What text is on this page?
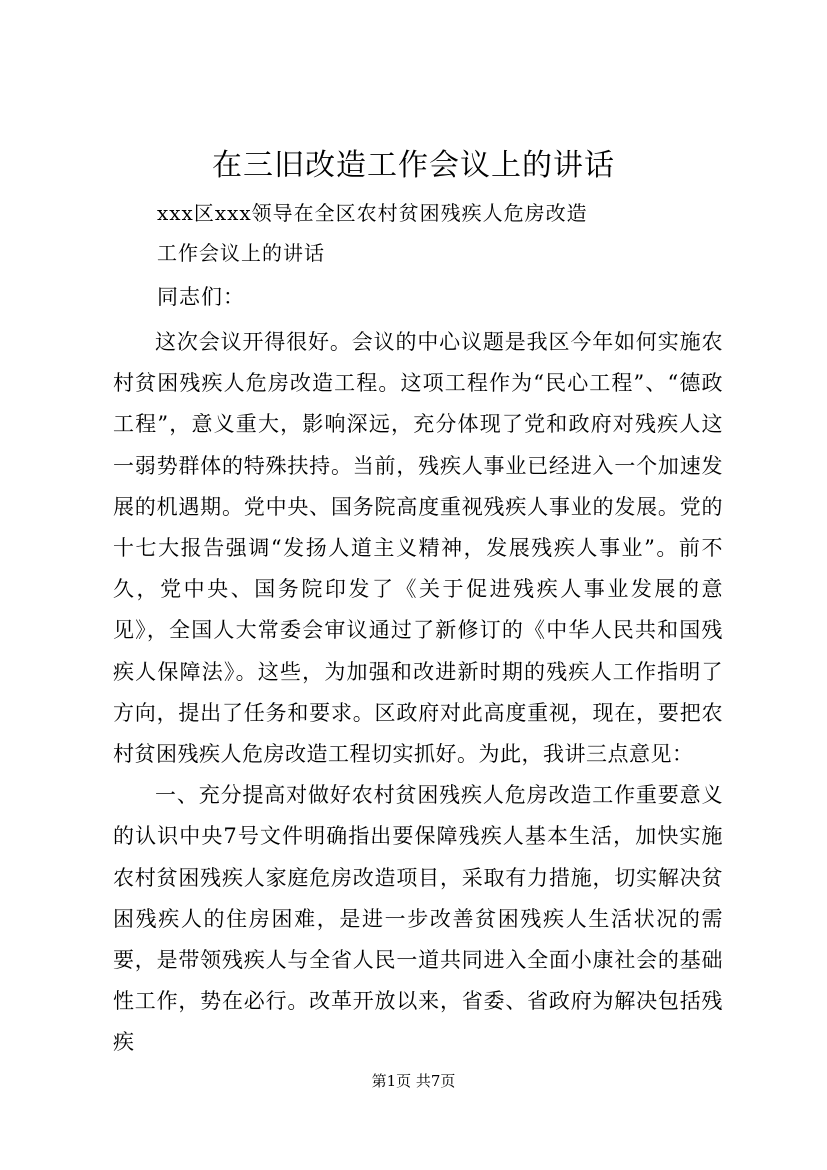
在三旧改造工作会议上的讲话
xxx区xxx领导在全区农村贫困残疾人危房改造
工作会议上的讲话
同志们：

这次会议开得很好。会议的中心议题是我区今年如何实施农村贫困残疾人危房改造工程。这项工程作为“民心工程”、“德政工程”，意义重大，影响深远，充分体现了党和政府对残疾人这一弱势群体的特殊扶持。当前，残疾人事业已经进入一个加速发展的机遇期。党中央、国务院高度重视残疾人事业的发展。党的十七大报告强调“发扬人道主义精神，发展残疾人事业”。前不久，党中央、国务院印发了《关于促进残疾人事业发展的意见》，全国人大常委会审议通过了新修订的《中华人民共和国残疾人保障法》。这些，为加强和改进新时期的残疾人工作指明了方向，提出了任务和要求。区政府对此高度重视，现在，要把农村贫困残疾人危房改造工程切实抓好。为此，我讲三点意见：

一、充分提高对做好农村贫困残疾人危房改造工作重要意义的认识中央7号文件明确指出要保障残疾人基本生活，加快实施农村贫困残疾人家庭危房改造项目，采取有力措施，切实解决贫困残疾人的住房困难，是进一步改善贫困残疾人生活状况的需要，是带领残疾人与全省人民一道共同进入全面小康社会的基础性工作，势在必行。改革开放以来，省委、省政府为解决包括残疾

第1页 共7页
